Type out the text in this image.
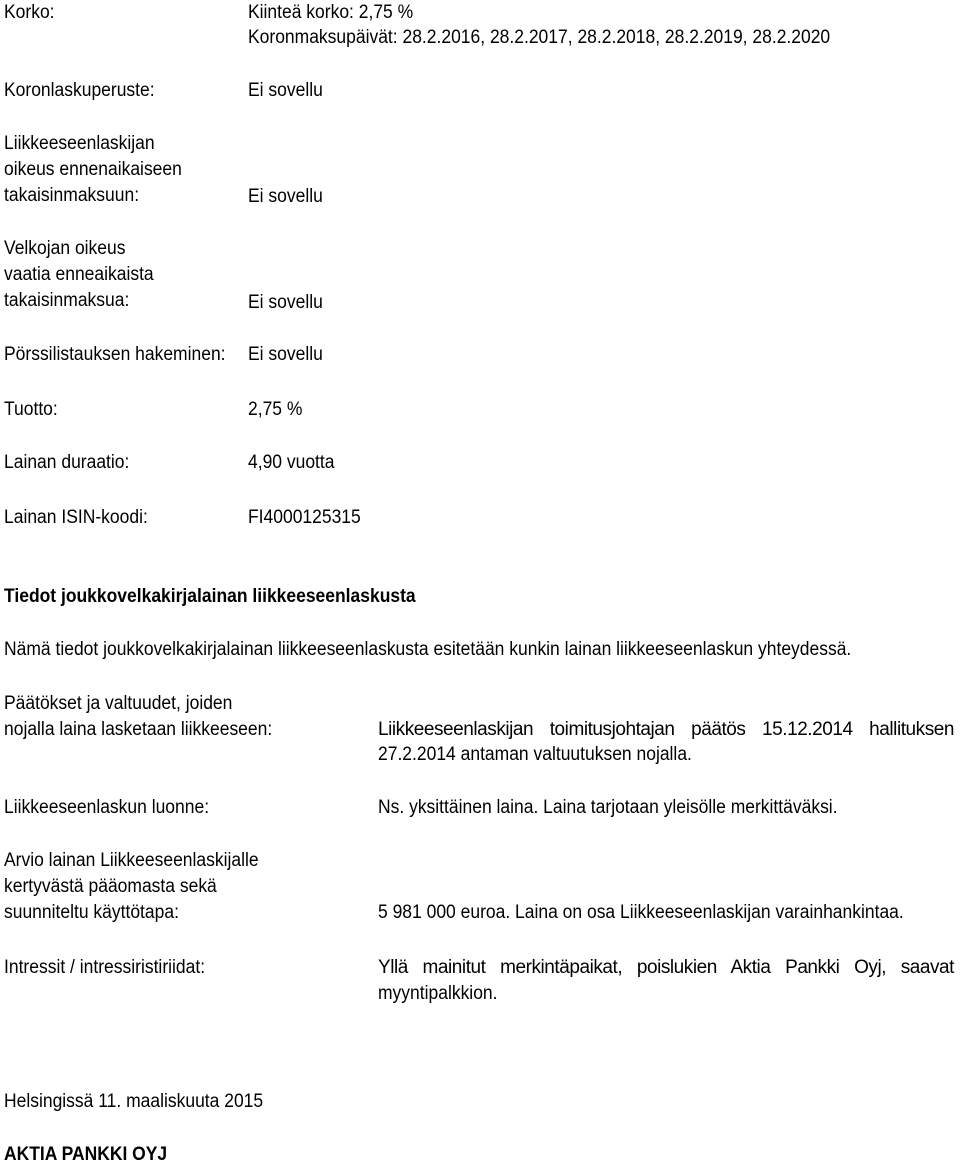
Korko:	Kiinteä korko: 2,75 %
Koronmaksupäivät: 28.2.2016, 28.2.2017, 28.2.2018, 28.2.2019, 28.2.2020
Koronlaskuperuste:	Ei sovellu
Liikkeeseenlaskijan
oikeus ennenaikaiseen
takaisinmaksuun:	Ei sovellu
Velkojan oikeus
vaatia enneaikaista
takaisinmaksua:	Ei sovellu
Pörssilistauksen hakeminen: Ei sovellu
Tuotto:	2,75 %
Lainan duraatio:	4,90 vuotta
Lainan ISIN-koodi:	FI4000125315
Tiedot joukkovelkakirjalainan liikkeeseenlaskusta
Nämä tiedot joukkovelkakirjalainan liikkeeseenlaskusta esitetään kunkin lainan liikkeeseenlaskun yhteydessä.
Päätökset ja valtuudet, joiden
nojalla laina lasketaan liikkeeseen:	Liikkeeseenlaskijan toimitusjohtajan päätös 15.12.2014 hallituksen
27.2.2014 antaman valtuutuksen nojalla.
Liikkeeseenlaskun luonne:	Ns. yksittäinen laina. Laina tarjotaan yleisölle merkittäväksi.
Arvio lainan Liikkeeseenlaskijalle
kertyvästä pääomasta sekä
suunniteltu käyttötapa:	5 981 000 euroa. Laina on osa Liikkeeseenlaskijan varainhankintaa.
Intressit / intressiristiriidat:	Yllä mainitut merkintäpaikat, poislukien Aktia Pankki Oyj, saavat
myyntipalkkion.
Helsingissä 11. maaliskuuta 2015
AKTIA PANKKI OYJ
